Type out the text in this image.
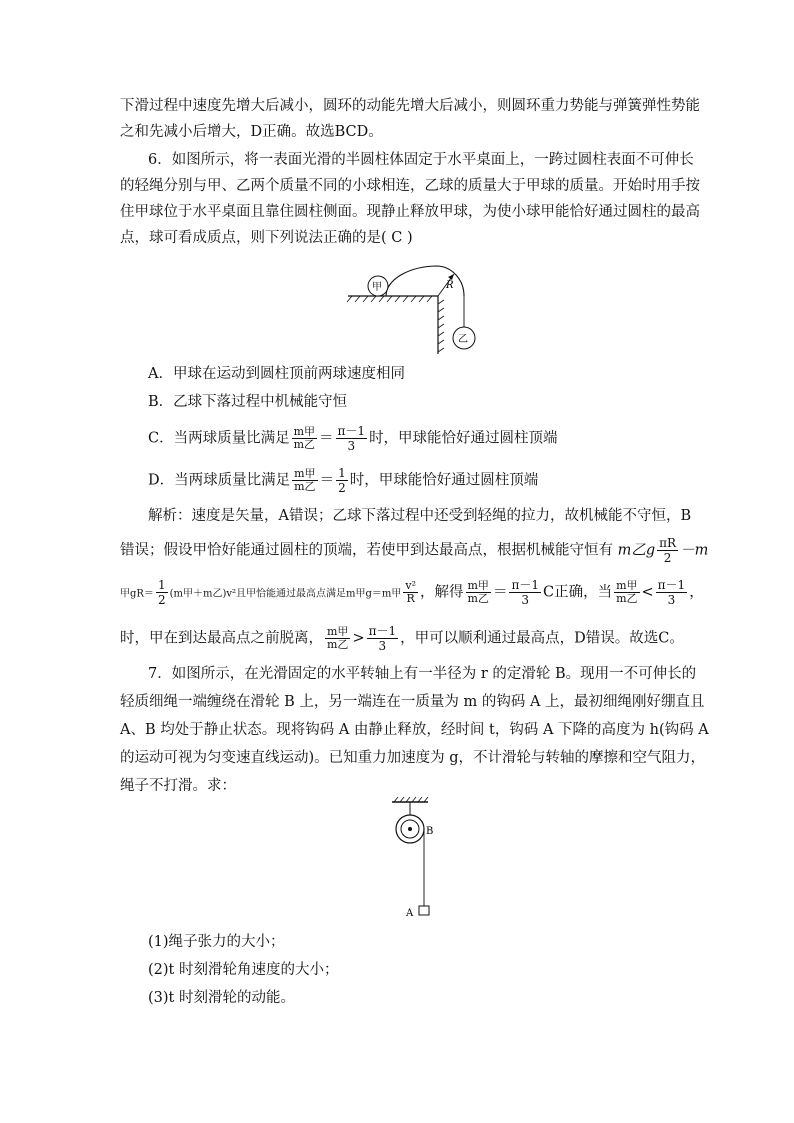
下滑过程中速度先增大后减小，圆环的动能先增大后减小，则圆环重力势能与弹簧弹性势能
之和先减小后增大，D正确。故选BCD。
6．如图所示，将一表面光滑的半圆柱体固定于水平桌面上，一跨过圆柱表面不可伸长
的轻绳分别与甲、乙两个质量不同的小球相连，乙球的质量大于甲球的质量。开始时用手按
住甲球位于水平桌面且靠住圆柱侧面。现静止释放甲球，为使小球甲能恰好通过圆柱的最高
点，球可看成质点，则下列说法正确的是( C )
R
甲
乙
A．甲球在运动到圆柱顶前两球速度相同
B．乙球下落过程中机械能守恒
C．当两球质量比满足 $\frac{\text{m甲}}{\text{m乙}} = \frac{\pi-1}{3}$ 时，甲球能恰好通过圆柱顶端
D．当两球质量比满足 $\frac{\text{m甲}}{\text{m乙}} = \frac{1}{2}$ 时，甲球能恰好通过圆柱顶端
解析：速度是矢量，A错误；乙球下落过程中还受到轻绳的拉力，故机械能不守恒，B
错误；假设甲恰好能通过圆柱的顶端，若使甲到达最高点，根据机械能守恒有 m乙g $\frac{\pi R}{2} -m$
甲$gR= \frac{1}{2} (m$甲＋m乙)v²且甲恰能通过最高点满足m甲g＝m甲 $\frac{\text{v²}}{R}$ ，解得 $\frac{\text{m甲}}{\text{m乙}} = \frac{\pi-1}{3}$ C正确，当 $\frac{\text{m甲}}{\text{m乙}} < \frac{\pi-1}{3}$ ，
时，甲在到达最高点之前脱离， $\frac{\text{m甲}}{\text{m乙}} > \frac{\pi-1}{3}$ ，甲可以顺利通过最高点，D错误。故选C。
7．如图所示，在光滑固定的水平转轴上有一半径为 r 的定滑轮 B。现用一不可伸长的
轻质细绳一端缠绕在滑轮 B 上，另一端连在一质量为 m 的钩码 A 上，最初细绳刚好绷直且
A、B 均处于静止状态。现将钩码 A 由静止释放，经时间 t，钩码 A 下降的高度为 h(钩码 A
的运动可视为匀变速直线运动)。已知重力加速度为 g，不计滑轮与转轴的摩擦和空气阻力，
绳子不打滑。求：
B
A
(1)绳子张力的大小；
(2)t 时刻滑轮角速度的大小；
(3)t 时刻滑轮的动能。
